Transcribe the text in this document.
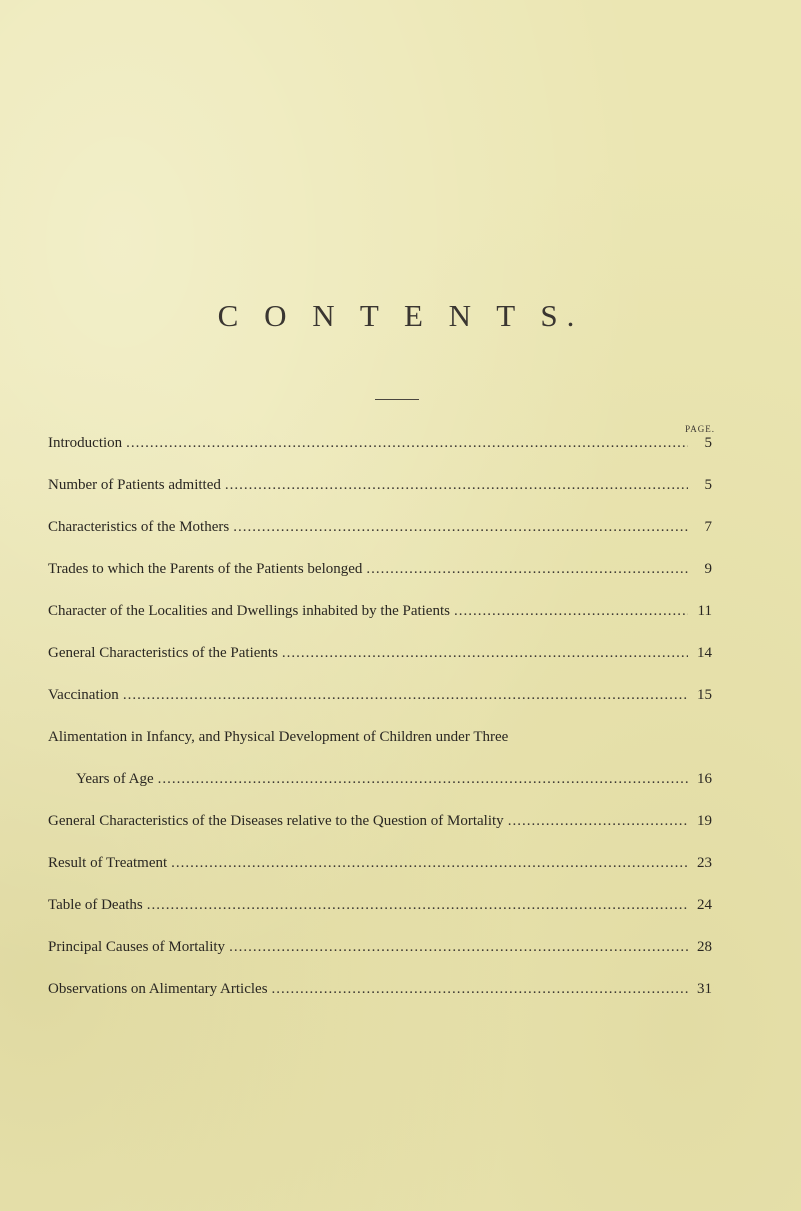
C O N T E N T S.
PAGE.
Introduction .....	5
Number of Patients admitted .....	5
Characteristics of the Mothers .....	7
Trades to which the Parents of the Patients belonged .....	9
Character of the Localities and Dwellings inhabited by the Patients .....	11
General Characteristics of the Patients .....	14
Vaccination .....	15
Alimentation in Infancy, and Physical Development of Children under Three
Years of Age .....	16
General Characteristics of the Diseases relative to the Question of Mortality .....	19
Result of Treatment .....	23
Table of Deaths .....	24
Principal Causes of Mortality .....	28
Observations on Alimentary Articles .....	31
